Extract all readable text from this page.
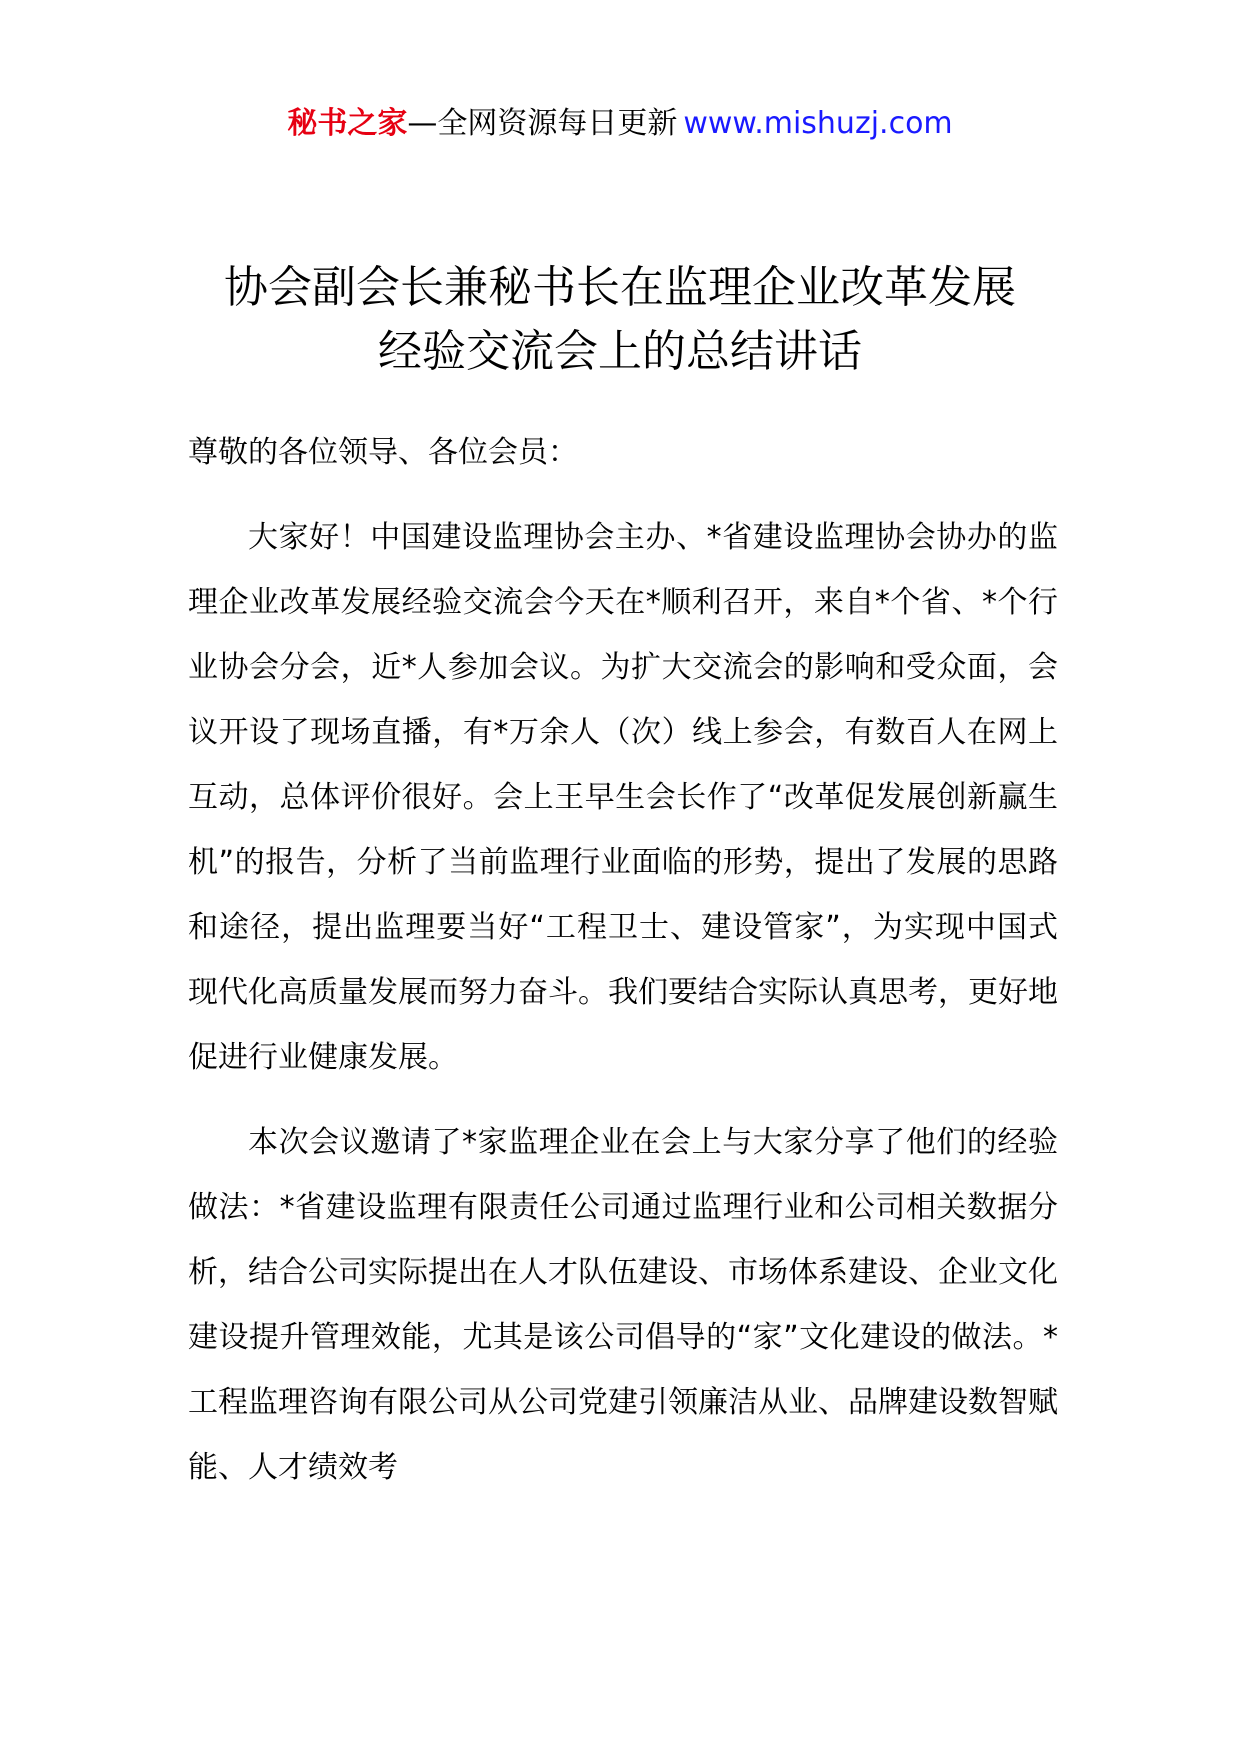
秘书之家—全网资源每日更新 www.mishuzj.com
协会副会长兼秘书长在监理企业改革发展
经验交流会上的总结讲话
尊敬的各位领导、各位会员：
大家好！中国建设监理协会主办、*省建设监理协会协办的监理企业改革发展经验交流会今天在*顺利召开，来自*个省、*个行业协会分会，近*人参加会议。为扩大交流会的影响和受众面，会议开设了现场直播，有*万余人（次）线上参会，有数百人在网上互动，总体评价很好。会上王早生会长作了“改革促发展创新赢生机”的报告，分析了当前监理行业面临的形势，提出了发展的思路和途径，提出监理要当好“工程卫士、建设管家”，为实现中国式现代化高质量发展而努力奋斗。我们要结合实际认真思考，更好地促进行业健康发展。
本次会议邀请了*家监理企业在会上与大家分享了他们的经验做法：*省建设监理有限责任公司通过监理行业和公司相关数据分析，结合公司实际提出在人才队伍建设、市场体系建设、企业文化建设提升管理效能，尤其是该公司倡导的“家”文化建设的做法。*工程监理咨询有限公司从公司党建引领廉洁从业、品牌建设数智赋能、人才绩效考
